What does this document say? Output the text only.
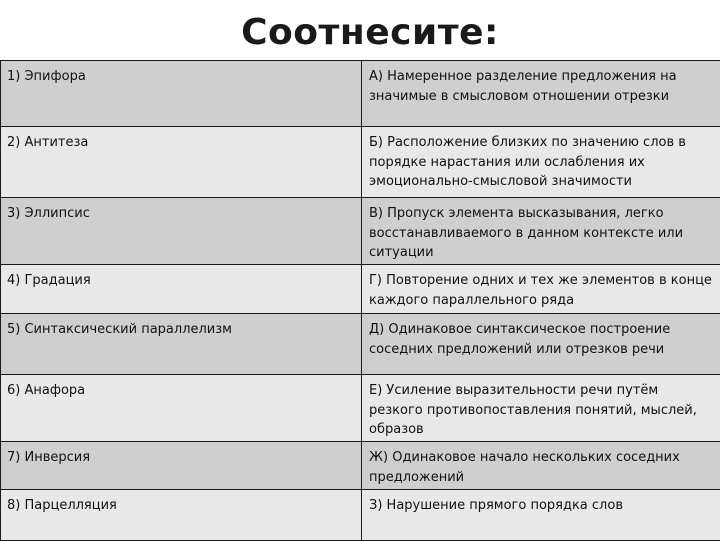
Соотнесите:
1) Эпифора	А) Намеренное разделение предложения на значимые в смысловом отношении отрезки
2) Антитеза	Б) Расположение близких по значению слов в порядке нарастания или ослабления их эмоционально-смысловой значимости
3) Эллипсис	В) Пропуск элемента высказывания, легко восстанавливаемого в данном контексте или ситуации
4) Градация	Г) Повторение одних и тех же элементов в конце каждого параллельного ряда
5) Синтаксический параллелизм	Д) Одинаковое синтаксическое построение соседних предложений или отрезков речи
6) Анафора	Е) Усиление выразительности речи путём резкого противопоставления понятий, мыслей, образов
7) Инверсия	Ж) Одинаковое начало нескольких соседних предложений
8) Парцелляция	З) Нарушение прямого порядка слов
